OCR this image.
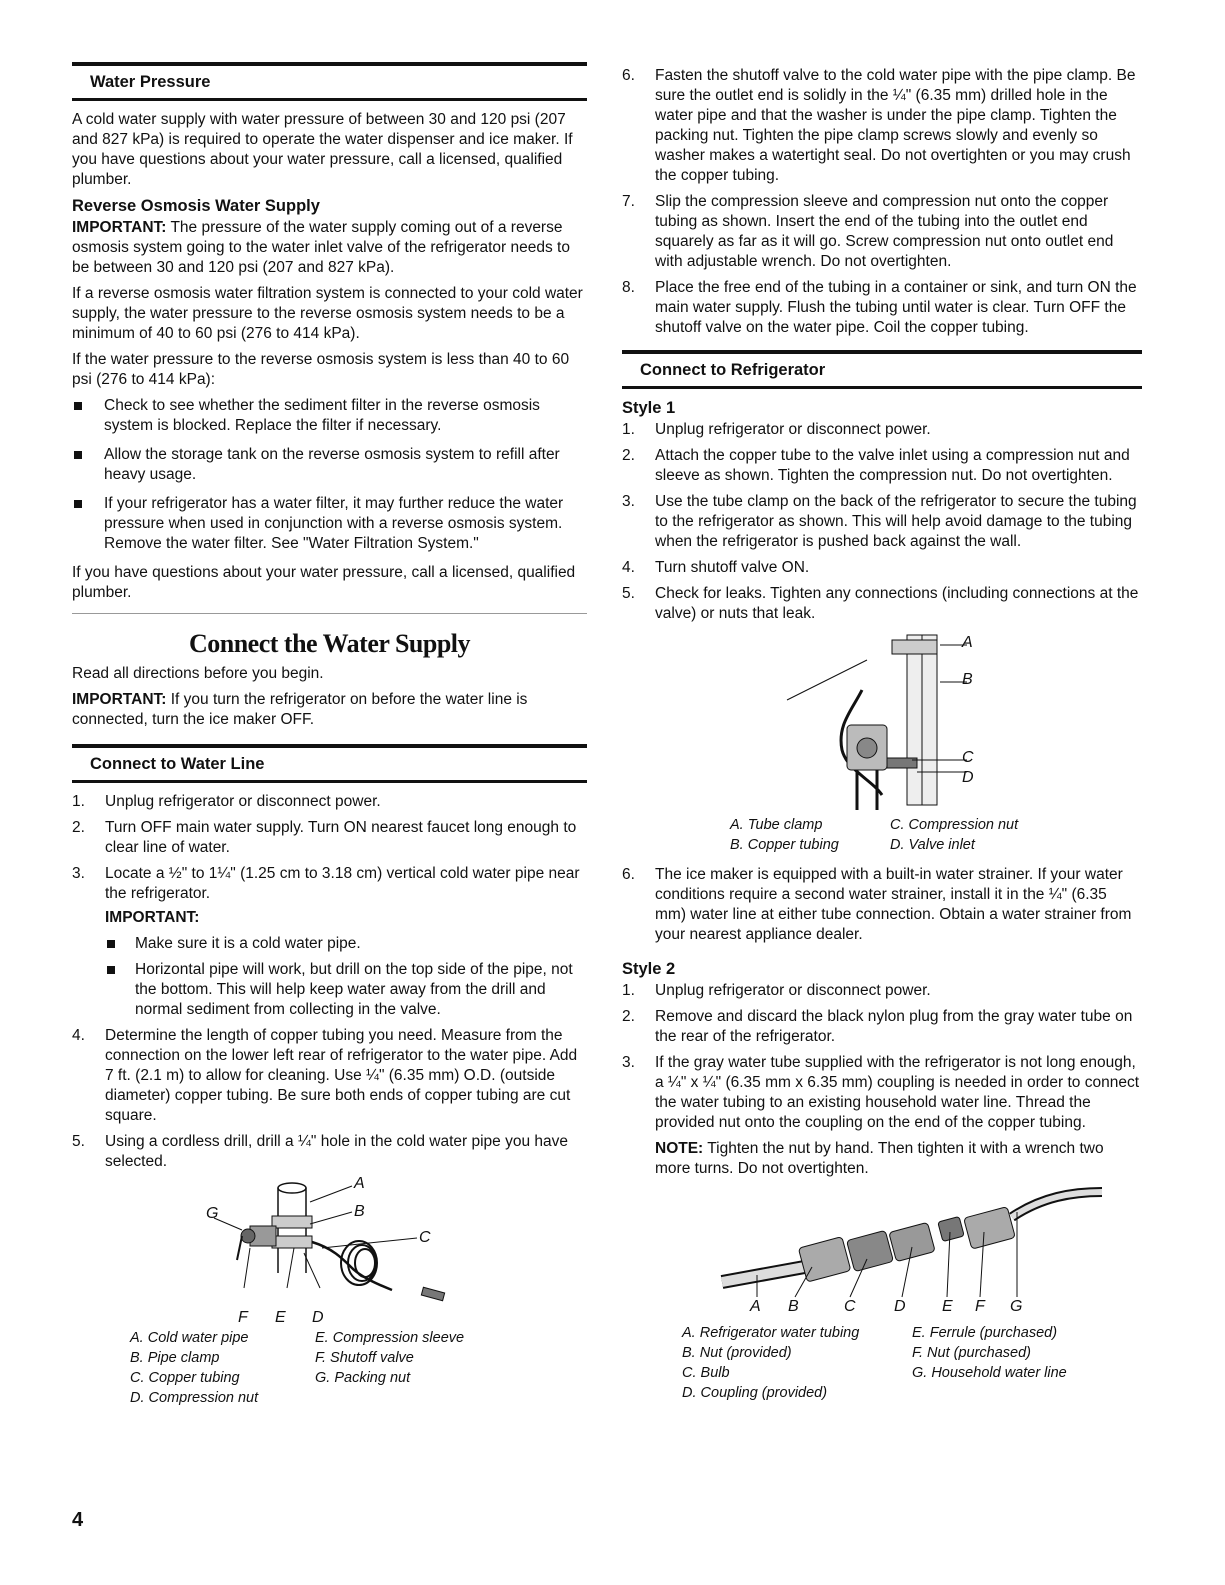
Water Pressure

A cold water supply with water pressure of between 30 and 120 psi (207 and 827 kPa) is required to operate the water dispenser and ice maker. If you have questions about your water pressure, call a licensed, qualified plumber.

Reverse Osmosis Water Supply

IMPORTANT: The pressure of the water supply coming out of a reverse osmosis system going to the water inlet valve of the refrigerator needs to be between 30 and 120 psi (207 and 827 kPa).

If a reverse osmosis water filtration system is connected to your cold water supply, the water pressure to the reverse osmosis system needs to be a minimum of 40 to 60 psi (276 to 414 kPa).

If the water pressure to the reverse osmosis system is less than 40 to 60 psi (276 to 414 kPa):

Check to see whether the sediment filter in the reverse osmosis system is blocked. Replace the filter if necessary.
Allow the storage tank on the reverse osmosis system to refill after heavy usage.
If your refrigerator has a water filter, it may further reduce the water pressure when used in conjunction with a reverse osmosis system. Remove the water filter. See "Water Filtration System."

If you have questions about your water pressure, call a licensed, qualified plumber.

Connect the Water Supply

Read all directions before you begin.

IMPORTANT: If you turn the refrigerator on before the water line is connected, turn the ice maker OFF.

Connect to Water Line
1. Unplug refrigerator or disconnect power.
2. Turn OFF main water supply. Turn ON nearest faucet long enough to clear line of water.
3. Locate a ½" to 1¼" (1.25 cm to 3.18 cm) vertical cold water pipe near the refrigerator.
IMPORTANT:
Make sure it is a cold water pipe.
Horizontal pipe will work, but drill on the top side of the pipe, not the bottom. This will help keep water away from the drill and normal sediment from collecting in the valve.
4. Determine the length of copper tubing you need. Measure from the connection on the lower left rear of refrigerator to the water pipe. Add 7 ft. (2.1 m) to allow for cleaning. Use ¼" (6.35 mm) O.D. (outside diameter) copper tubing. Be sure both ends of copper tubing are cut square.
5. Using a cordless drill, drill a ¼" hole in the cold water pipe you have selected.
A
B
C
G
F E D
A. Cold water pipe
B. Pipe clamp
C. Copper tubing
D. Compression nut
E. Compression sleeve
F. Shutoff valve
G. Packing nut
4
6. Fasten the shutoff valve to the cold water pipe with the pipe clamp. Be sure the outlet end is solidly in the ¼" (6.35 mm) drilled hole in the water pipe and that the washer is under the pipe clamp. Tighten the packing nut. Tighten the pipe clamp screws slowly and evenly so washer makes a watertight seal. Do not overtighten or you may crush the copper tubing.
7. Slip the compression sleeve and compression nut onto the copper tubing as shown. Insert the end of the tubing into the outlet end squarely as far as it will go. Screw compression nut onto outlet end with adjustable wrench. Do not overtighten.
8. Place the free end of the tubing in a container or sink, and turn ON the main water supply. Flush the tubing until water is clear. Turn OFF the shutoff valve on the water pipe. Coil the copper tubing.
Connect to Refrigerator
Style 1
1. Unplug refrigerator or disconnect power.
2. Attach the copper tube to the valve inlet using a compression nut and sleeve as shown. Tighten the compression nut. Do not overtighten.
3. Use the tube clamp on the back of the refrigerator to secure the tubing to the refrigerator as shown. This will help avoid damage to the tubing when the refrigerator is pushed back against the wall.
4. Turn shutoff valve ON.
5. Check for leaks. Tighten any connections (including connections at the valve) or nuts that leak.
A
B
C
D
A. Tube clamp
B. Copper tubing
C. Compression nut
D. Valve inlet
6. The ice maker is equipped with a built-in water strainer. If your water conditions require a second water strainer, install it in the ¼" (6.35 mm) water line at either tube connection. Obtain a water strainer from your nearest appliance dealer.
Style 2
1. Unplug refrigerator or disconnect power.
2. Remove and discard the black nylon plug from the gray water tube on the rear of the refrigerator.
3. If the gray water tube supplied with the refrigerator is not long enough, a ¼" x ¼" (6.35 mm x 6.35 mm) coupling is needed in order to connect the water tubing to an existing household water line. Thread the provided nut onto the coupling on the end of the copper tubing.

NOTE: Tighten the nut by hand. Then tighten it with a wrench two more turns. Do not overtighten.

A B	C D E F G
A. Refrigerator water tubing
B. Nut (provided)
C. Bulb
D. Coupling (provided)
E. Ferrule (purchased)
F. Nut (purchased)
G. Household water line
